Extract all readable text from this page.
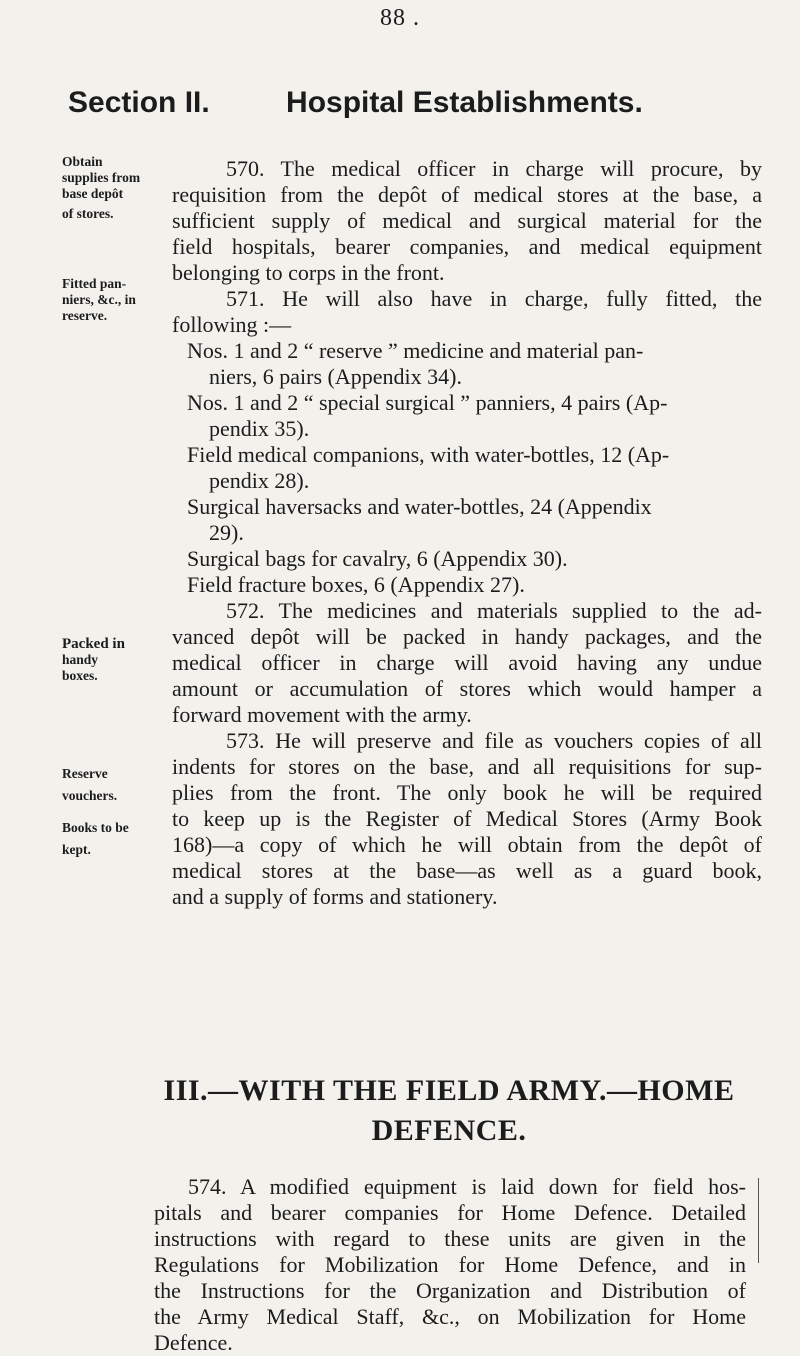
88 .
Section II.	Hospital Establishments.
Obtain
supplies from
base depôt
of stores.
Fitted pan-
niers, &c., in
reserve.
Packed in
handy
boxes.
Reserve
vouchers.
Books to be
kept.
570. The medical officer in charge will procure, by
requisition from the depôt of medical stores at the base, a
sufficient supply of medical and surgical material for the
field hospitals, bearer companies, and medical equipment
belonging to corps in the front.
571. He will also have in charge, fully fitted, the
following :—
Nos. 1 and 2 “ reserve ” medicine and material pan-
niers, 6 pairs (Appendix 34).
Nos. 1 and 2 “ special surgical ” panniers, 4 pairs (Ap-
pendix 35).
Field medical companions, with water-bottles, 12 (Ap-
pendix 28).
Surgical haversacks and water-bottles, 24 (Appendix
29).
Surgical bags for cavalry, 6 (Appendix 30).
Field fracture boxes, 6 (Appendix 27).
572. The medicines and materials supplied to the ad-
vanced depôt will be packed in handy packages, and the
medical officer in charge will avoid having any undue
amount or accumulation of stores which would hamper a
forward movement with the army.
573. He will preserve and file as vouchers copies of all
indents for stores on the base, and all requisitions for sup-
plies from the front. The only book he will be required
to keep up is the Register of Medical Stores (Army Book
168)—a copy of which he will obtain from the depôt of
medical stores at the base—as well as a guard book,
and a supply of forms and stationery.
III.—WITH THE FIELD ARMY.—HOME
DEFENCE.
574. A modified equipment is laid down for field hos-
pitals and bearer companies for Home Defence. Detailed
instructions with regard to these units are given in the
Regulations for Mobilization for Home Defence, and in
the Instructions for the Organization and Distribution of
the Army Medical Staff, &c., on Mobilization for Home
Defence.
